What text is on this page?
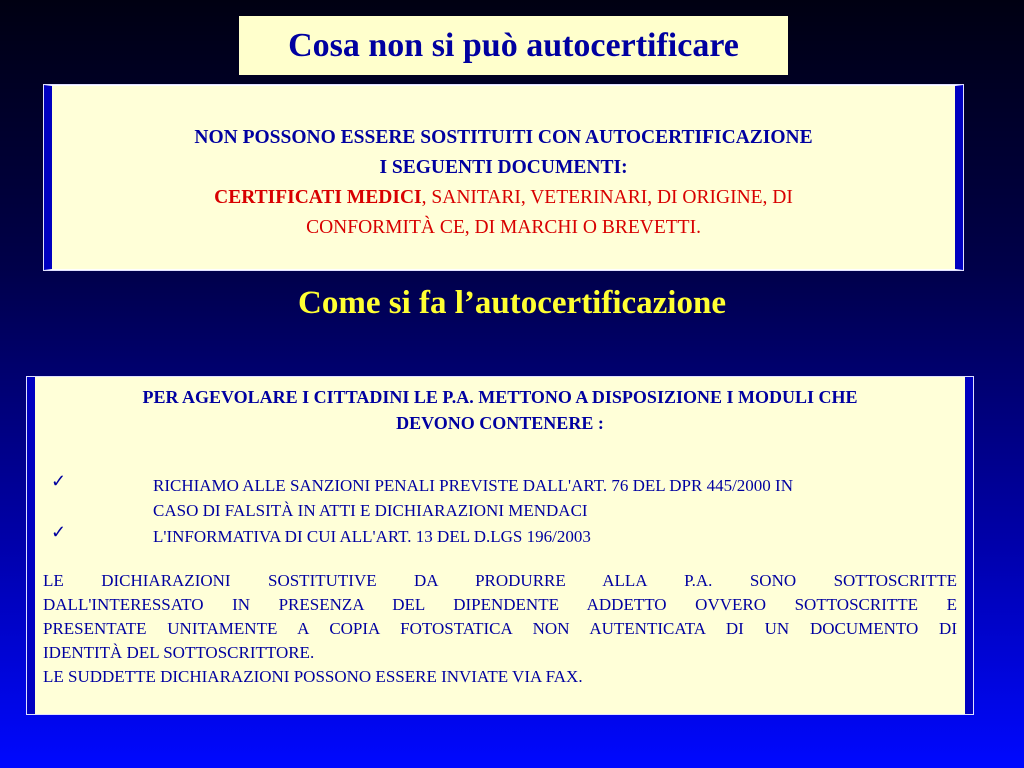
Cosa non si può autocertificare
NON POSSONO ESSERE SOSTITUITI CON AUTOCERTIFICAZIONE
I SEGUENTI DOCUMENTI:
CERTIFICATI MEDICI, SANITARI, VETERINARI, DI ORIGINE, DI
CONFORMITÀ CE, DI MARCHI O BREVETTI.
Come si fa l’autocertificazione
PER AGEVOLARE I CITTADINI LE P.A. METTONO A DISPOSIZIONE I MODULI CHE
DEVONO CONTENERE :
✓	RICHIAMO ALLE SANZIONI PENALI PREVISTE DALL'ART. 76 DEL DPR 445/2000 IN
CASO DI FALSITÀ IN ATTI E DICHIARAZIONI MENDACI
✓	L'INFORMATIVA DI CUI ALL'ART. 13 DEL D.LGS 196/2003
LE DICHIARAZIONI SOSTITUTIVE DA PRODURRE ALLA P.A. SONO SOTTOSCRITTE
DALL'INTERESSATO IN PRESENZA DEL DIPENDENTE ADDETTO OVVERO SOTTOSCRITTE E
PRESENTATE UNITAMENTE A COPIA FOTOSTATICA NON AUTENTICATA DI UN DOCUMENTO DI
IDENTITÀ DEL SOTTOSCRITTORE.
LE SUDDETTE DICHIARAZIONI POSSONO ESSERE INVIATE VIA FAX.
